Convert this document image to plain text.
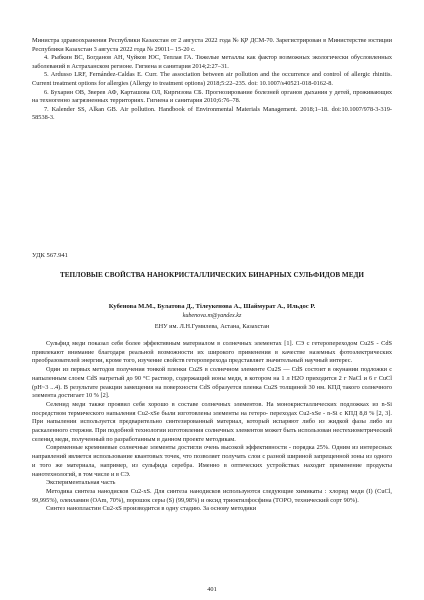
Министра здравоохранения Республики Казахстан от 2 августа 2022 года № ҚР ДСМ-70. Зарегистрирован в Министерстве юстиции Республики Казахстан 3 августа 2022 года № 29011– 15-20 с.

4. Рыбкин ВС, Богданов АН, Чуйков ЮС, Теплая ГА. Тяжелые металлы как фактор возможных экологически обусловленных заболеваний в Астраханском регионе. Гигиена и санитария 2014;2:27–31.

5. Ardusso LRF, Fernández-Caldas E. Curr. The association between air pollution and the occurrence and control of allergic rhinitis. Current treatment options for allergies (Allergy to treatment options) 2018;5:22–235. doi: 10.1007/s40521-018-0162-8.

6. Бухарин ОВ, Зверев АФ, Карташова ОЛ, Киргизова СБ. Прогнозирование болезней органов дыхания у детей, проживающих на техногенно загрязненных территориях. Гигиена и санитария 2010;6:76–78.

7. Kalender SS, Alkan GB. Air pollution. Handbook of Environmental Materials Management. 2018;1–18. doi:10.1007/978-3-319- 58538-3.

УДК 567.941
ТЕПЛОВЫЕ СВОЙСТВА НАНОКРИСТАЛЛИЧЕСКИХ БИНАРНЫХ СУЛЬФИДОВ МЕДИ
Кубенова М.М., Булатова Д., Тілеукенова А., Шаймурат А., Ильдос Р.
kubenova.m@yandex.kz
ЕНУ им. Л.Н.Гумилева, Астана, Казахстан

Сульфид меди показал себя более эффективным материалом в солнечных элементах [1]. СЭ с гетеропереходом Cu2S - CdS привлекают внимание благодаря реальной возможности их широкого применения в качестве наземных фотоэлектрических преобразователей энергии, кроме того, изучение свойств гетероперехода представляет значительный научный интерес.

Один из первых методов получения тонкой пленки Cu2S в солнечном элементе Cu2S — CdS состоит в окунании подложки с напыленным слоем CdS нагретый до 90 °C раствор, содержащий ионы меди, в котором на 1 л H2O приходится 2 г NaCl и 6 г CuCl (pH~3 ...4). В результате реакции замещения на поверхности CdS образуется пленка Cu2S толщиной 30 нм. КПД такого солнечного элемента достигает 10 % [2].

Селенид меди также проявил себя хорошо в составе солнечных элементов. На монокристаллических подложках из n-Si посредством термического напыления Cu2-xSe были изготовлены элементы на гетеро- переходах Cu2-xSe - n-Si с КПД 8,8 % [2, 3]. При напылении используется предварительно синтезированный материал, который испаряют либо из жидкой фазы либо из раскаленного стержня. При подобной технологии изготовления солнечных элементов может быть использован нестехиометрический селенид меди, полученный по разработанным в данном проекте методикам.

Современные кремниевые солнечные элементы достигли очень высокой эффективности - порядка 25%. Одним из интересных направлений является использование квантовых точек, что позволяет получать слои с разной шириной запрещенной зоны из одного и того же материала, например, из сульфида серебра. Именно в оптических устройствах находит применение продукты нанотехнологий, в том числе и в СЭ.

Экспериментальная часть

Методика синтеза нанодисков Cu2-xS. Для синтеза нанодисков используются следующие химикаты : хлорид меди (I) (CuCl, 99,995%), олеиламин (OAm, 70%), порошок серы (S) (99,98%) и оксид триоктилфосфина (TOPO, технический сорт 90%).

Синтез нанопластин Cu2-xS производится в одну стадию. За основу методики

401
